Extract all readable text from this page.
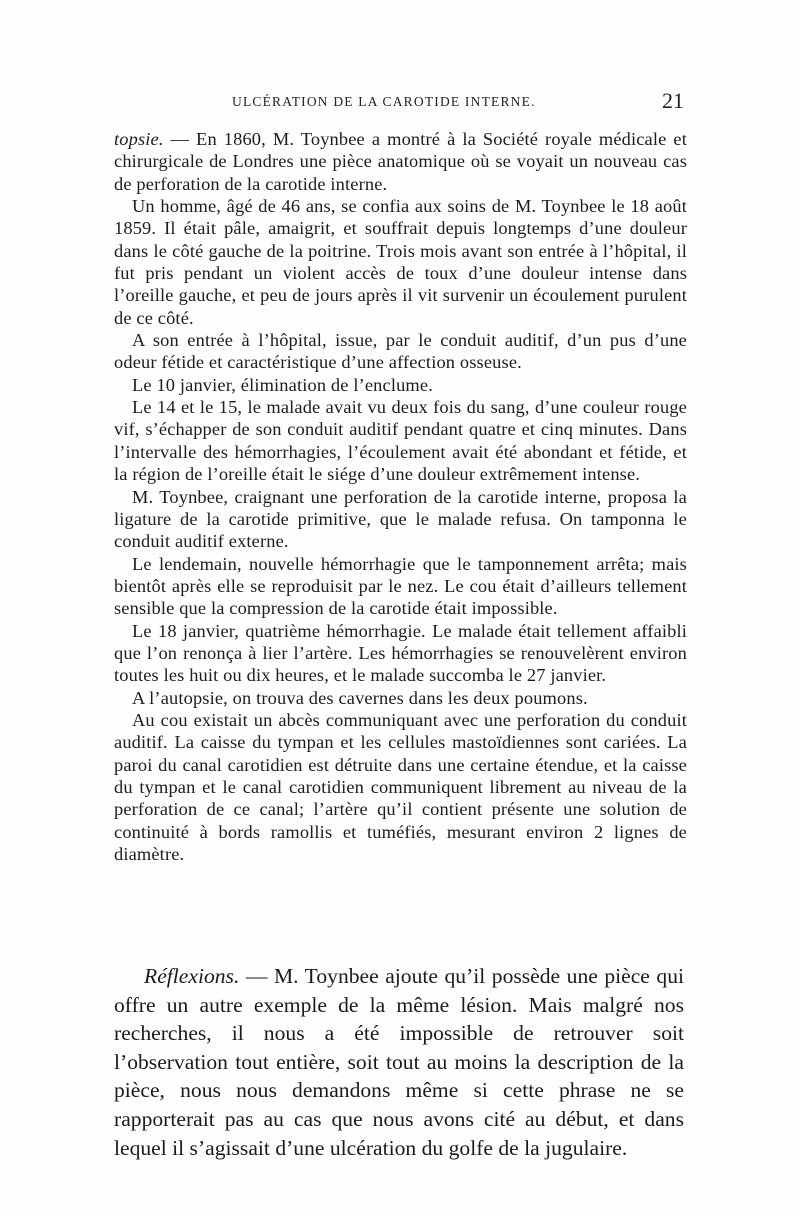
ULCÉRATION DE LA CAROTIDE INTERNE.	21

topsie. — En 1860, M. Toynbee a montré à la Société royale médicale et chirurgicale de Londres une pièce anatomique où se voyait un nouveau cas de perforation de la carotide interne.

Un homme, âgé de 46 ans, se confia aux soins de M. Toynbee le 18 août 1859. Il était pâle, amaigrit, et souffrait depuis longtemps d’une douleur dans le côté gauche de la poitrine. Trois mois avant son entrée à l’hôpital, il fut pris pendant un violent accès de toux d’une douleur intense dans l’oreille gauche, et peu de jours après il vit survenir un écoulement purulent de ce côté.

A son entrée à l’hôpital, issue, par le conduit auditif, d’un pus d’une odeur fétide et caractéristique d’une affection osseuse.

Le 10 janvier, élimination de l’enclume.

Le 14 et le 15, le malade avait vu deux fois du sang, d’une couleur rouge vif, s’échapper de son conduit auditif pendant quatre et cinq minutes. Dans l’intervalle des hémorrhagies, l’écoulement avait été abondant et fétide, et la région de l’oreille était le siége d’une douleur extrêmement intense.

M. Toynbee, craignant une perforation de la carotide interne, proposa la ligature de la carotide primitive, que le malade refusa. On tamponna le conduit auditif externe.

Le lendemain, nouvelle hémorrhagie que le tamponnement arrêta; mais bientôt après elle se reproduisit par le nez. Le cou était d’ailleurs tellement sensible que la compression de la carotide était impossible.

Le 18 janvier, quatrième hémorrhagie. Le malade était tellement affaibli que l’on renonça à lier l’artère. Les hémorrhagies se renouvelèrent environ toutes les huit ou dix heures, et le malade succomba le 27 janvier.

A l’autopsie, on trouva des cavernes dans les deux poumons.

Au cou existait un abcès communiquant avec une perforation du conduit auditif. La caisse du tympan et les cellules mastoïdiennes sont cariées. La paroi du canal carotidien est détruite dans une certaine étendue, et la caisse du tympan et le canal carotidien communiquent librement au niveau de la perforation de ce canal; l’artère qu’il contient présente une solution de continuité à bords ramollis et tuméfiés, mesurant environ 2 lignes de diamètre.

Réflexions. — M. Toynbee ajoute qu’il possède une pièce qui offre un autre exemple de la même lésion. Mais malgré nos recherches, il nous a été impossible de retrouver soit l’observation tout entière, soit tout au moins la description de la pièce, nous nous demandons même si cette phrase ne se rapporterait pas au cas que nous avons cité au début, et dans lequel il s’agissait d’une ulcération du golfe de la jugulaire.
